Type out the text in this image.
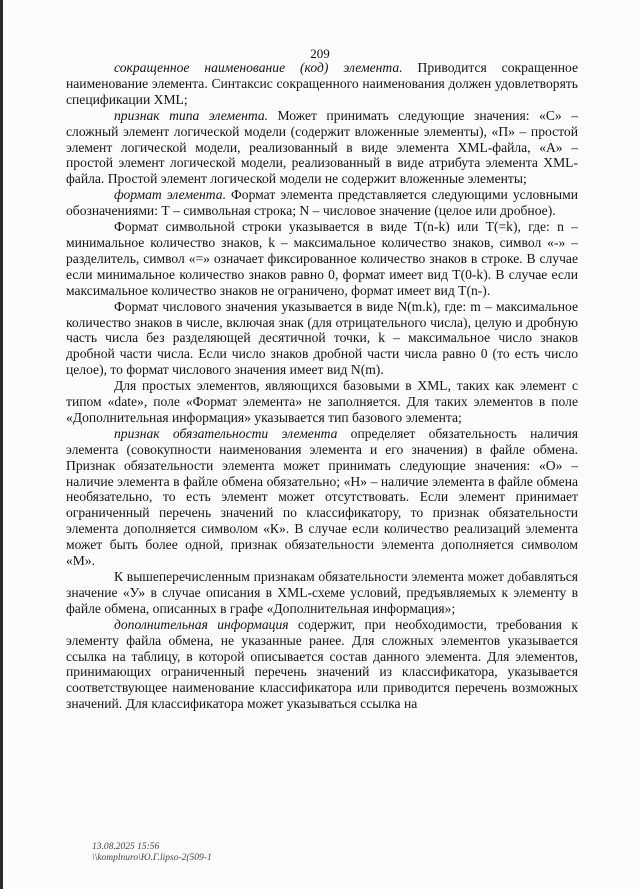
209

сокращенное наименование (код) элемента. Приводится сокращенное наименование элемента. Синтаксис сокращенного наименования должен удовлетворять спецификации XML;

признак типа элемента. Может принимать следующие значения: «С» – сложный элемент логической модели (содержит вложенные элементы), «П» – простой элемент логической модели, реализованный в виде элемента XML-файла, «А» – простой элемент логической модели, реализованный в виде атрибута элемента XML-файла. Простой элемент логической модели не содержит вложенные элементы;

формат элемента. Формат элемента представляется следующими условными обозначениями: Т – символьная строка; N – числовое значение (целое или дробное).

Формат символьной строки указывается в виде Т(n-k) или Т(=k), где: n – минимальное количество знаков, k – максимальное количество знаков, символ «-» – разделитель, символ «=» означает фиксированное количество знаков в строке. В случае если минимальное количество знаков равно 0, формат имеет вид Т(0-k). В случае если максимальное количество знаков не ограничено, формат имеет вид Т(n-).

Формат числового значения указывается в виде N(m.k), где: m – максимальное количество знаков в числе, включая знак (для отрицательного числа), целую и дробную часть числа без разделяющей десятичной точки, k – максимальное число знаков дробной части числа. Если число знаков дробной части числа равно 0 (то есть число целое), то формат числового значения имеет вид N(m).

Для простых элементов, являющихся базовыми в XML, таких как элемент с типом «date», поле «Формат элемента» не заполняется. Для таких элементов в поле «Дополнительная информация» указывается тип базового элемента;

признак обязательности элемента определяет обязательность наличия элемента (совокупности наименования элемента и его значения) в файле обмена. Признак обязательности элемента может принимать следующие значения: «О» – наличие элемента в файле обмена обязательно; «Н» – наличие элемента в файле обмена необязательно, то есть элемент может отсутствовать. Если элемент принимает ограниченный перечень значений по классификатору, то признак обязательности элемента дополняется символом «К». В случае если количество реализаций элемента может быть более одной, признак обязательности элемента дополняется символом «М».

К вышеперечисленным признакам обязательности элемента может добавляться значение «У» в случае описания в XML-схеме условий, предъявляемых к элементу в файле обмена, описанных в графе «Дополнительная информация»;

дополнительная информация содержит, при необходимости, требования к элементу файла обмена, не указанные ранее. Для сложных элементов указывается ссылка на таблицу, в которой описывается состав данного элемента. Для элементов, принимающих ограниченный перечень значений из классификатора, указывается соответствующее наименование классификатора или приводится перечень возможных значений. Для классификатора может указываться ссылка на

13.08.2025 15:56
\\komplnuro\Ю.Г.lipso-2(509-1
